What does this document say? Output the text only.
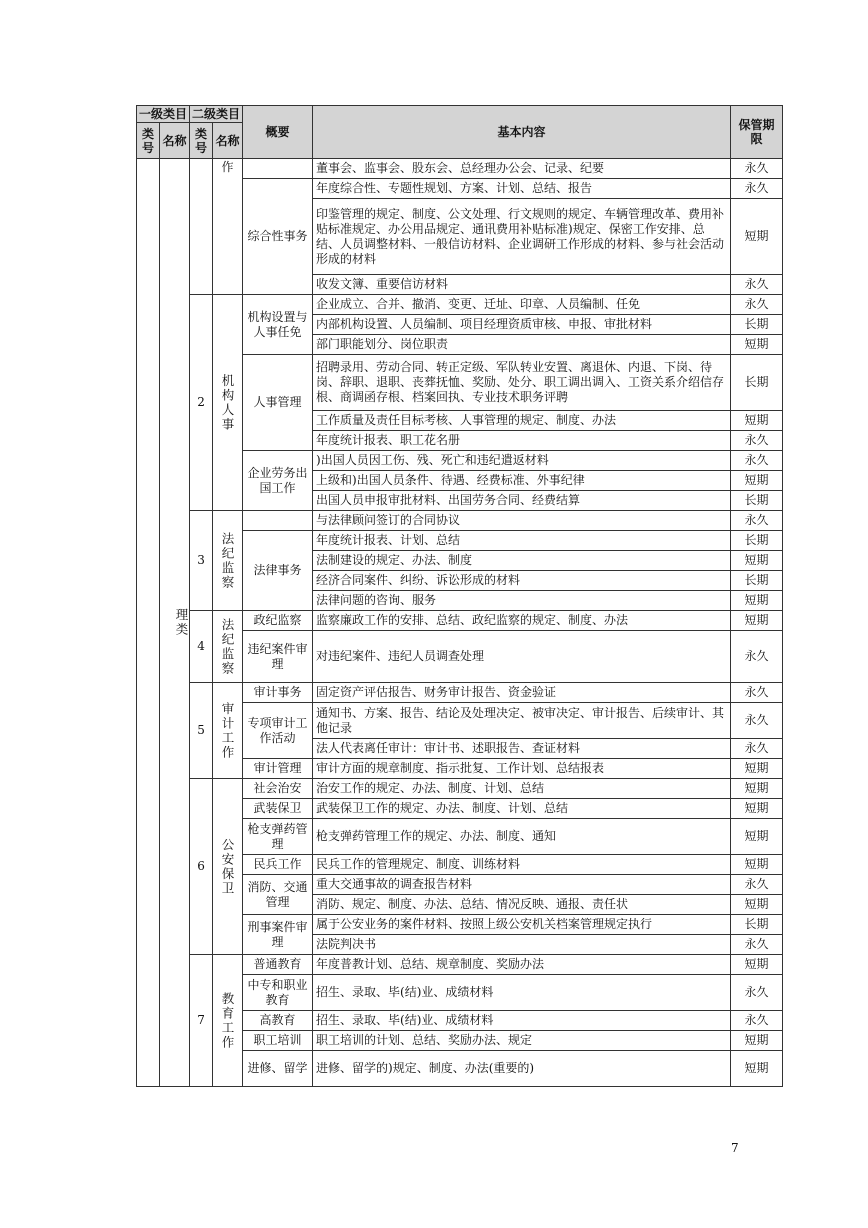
一级类目		二级类目		概要	基本内容	保管期限
类号	名称	类号	名称			
	理类		作		董事会、监事会、股东会、总经理办公会、记录、纪要	永久
				综合性事务	年度综合性、专题性规划、方案、计划、总结、报告	永久
					印鉴管理的规定、制度、公文处理、行文规则的规定、车辆管理改革、费用补贴标准规定、办公用品规定、通讯费用补贴标准)规定、保密工作安排、总结、人员调整材料、一般信访材料、企业调研工作形成的材料、参与社会活动形成的材料	短期
					收发文簿、重要信访材料	永久
		2	机构人事	机构设置与人事任免	企业成立、合并、撤消、变更、迁址、印章、人员编制、任免	永久
					内部机构设置、人员编制、项目经理资质审核、申报、审批材料	长期
					部门职能划分、岗位职责	短期
				人事管理	招聘录用、劳动合同、转正定级、军队转业安置、离退休、内退、下岗、待岗、辞职、退职、丧葬抚恤、奖励、处分、职工调出调入、工资关系介绍信存根、商调函存根、档案回执、专业技术职务评聘	长期
					工作质量及责任目标考核、人事管理的规定、制度、办法	短期
					年度统计报表、职工花名册	永久
				企业劳务出国工作	)出国人员因工伤、残、死亡和违纪遣返材料	永久
					上级和)出国人员条件、待遇、经费标准、外事纪律	短期
					出国人员申报审批材料、出国劳务合同、经费结算	长期
		3	法纪监察		与法律顾问签订的合同协议	永久
				法律事务	年度统计报表、计划、总结	长期
					法制建设的规定、办法、制度	短期
					经济合同案件、纠纷、诉讼形成的材料	长期
					法律问题的咨询、服务	短期
		4	法纪监察	政纪监察	监察廉政工作的安排、总结、政纪监察的规定、制度、办法	短期
				违纪案件审理	对违纪案件、违纪人员调查处理	永久
		5	审计工作	审计事务	固定资产评估报告、财务审计报告、资金验证	永久
				专项审计工作活动	通知书、方案、报告、结论及处理决定、被审决定、审计报告、后续审计、其他记录	永久
					法人代表离任审计：审计书、述职报告、查证材料	永久
				审计管理	审计方面的规章制度、指示批复、工作计划、总结报表	短期
		6	公安保卫	社会治安	治安工作的规定、办法、制度、计划、总结	短期
				武装保卫	武装保卫工作的规定、办法、制度、计划、总结	短期
				枪支弹药管理	枪支弹药管理工作的规定、办法、制度、通知	短期
				民兵工作	民兵工作的管理规定、制度、训练材料	短期
				消防、交通管理	重大交通事故的调查报告材料	永久
					消防、规定、制度、办法、总结、情况反映、通报、责任状	短期
				刑事案件审理	属于公安业务的案件材料、按照上级公安机关档案管理规定执行	长期
					法院判决书	永久
		7	教育工作	普通教育	年度普教计划、总结、规章制度、奖励办法	短期
				中专和职业教育	招生、录取、毕(结)业、成绩材料	永久
				高教育	招生、录取、毕(结)业、成绩材料	永久
				职工培训	职工培训的计划、总结、奖励办法、规定	短期
				进修、留学	进修、留学的)规定、制度、办法(重要的)	短期
7
